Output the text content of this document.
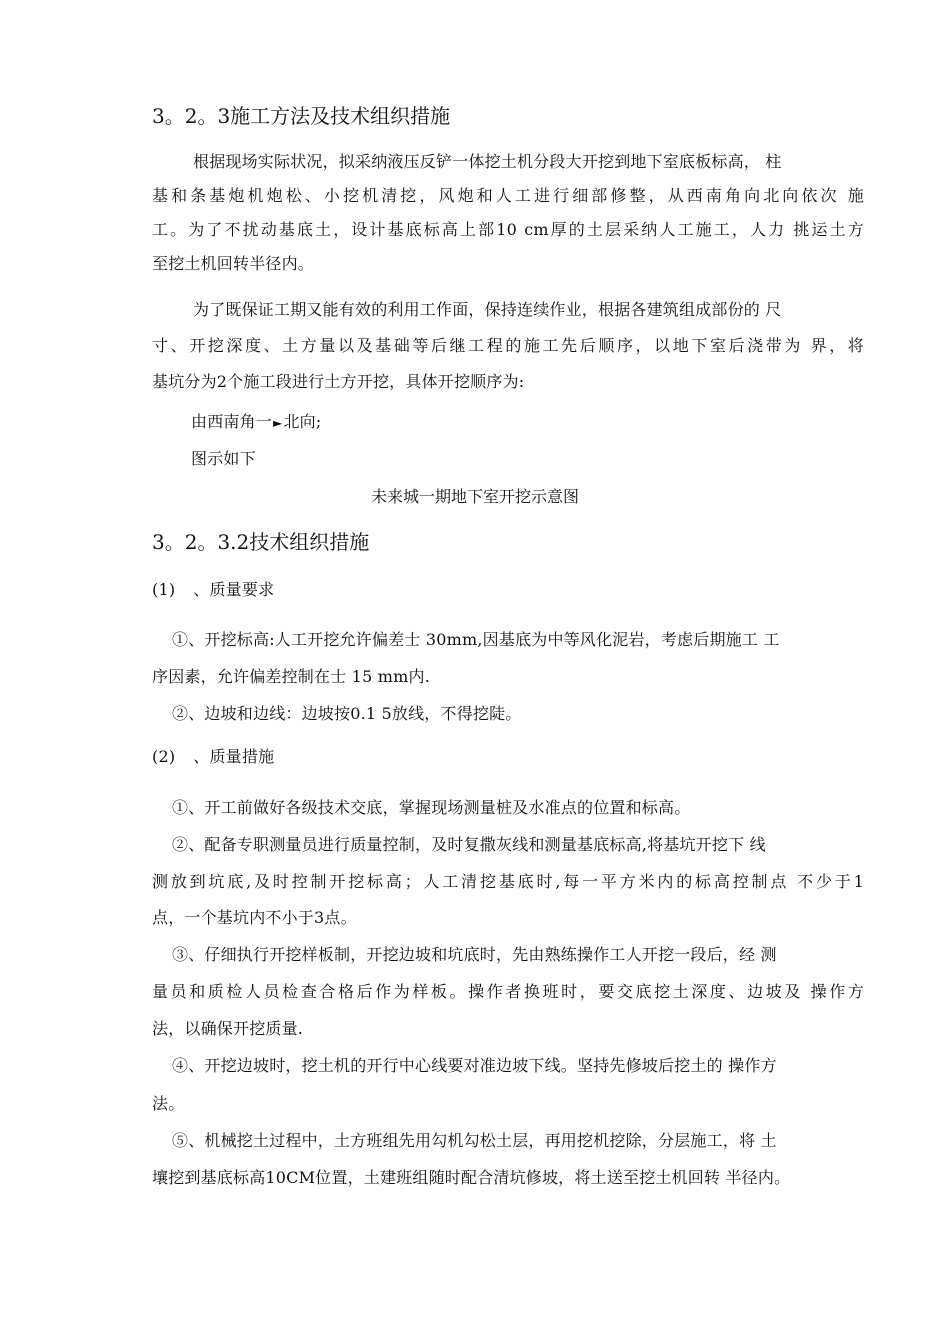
3。2。3施工方法及技术组织措施
根据现场实际状况，拟采纳液压反铲一体挖土机分段大开挖到地下室底板标高， 柱
基和条基炮机炮松、小挖机清挖，风炮和人工进行细部修整，从西南角向北向依次 施
工。为了不扰动基底土，设计基底标高上部10 cm厚的土层采纳人工施工，人力 挑运土方
至挖土机回转半径内。
为了既保证工期又能有效的利用工作面，保持连续作业，根据各建筑组成部份的 尺
寸、开挖深度、土方量以及基础等后继工程的施工先后顺序，以地下室后浇带为 界，将
基坑分为2个施工段进行土方开挖，具体开挖顺序为:
由西南角一►北向;
图示如下
未来城一期地下室开挖示意图
3。2。3.2技术组织措施
(1) 、质量要求
①、开挖标高:人工开挖允许偏差士 30mm,因基底为中等风化泥岩，考虑后期施工 工
序因素，允许偏差控制在士 15 mm内.
②、边坡和边线：边坡按0.1 5放线，不得挖陡。
(2) 、质量措施
①、开工前做好各级技术交底，掌握现场测量桩及水准点的位置和标高。
②、配备专职测量员进行质量控制，及时复撒灰线和测量基底标高,将基坑开挖下 线
测放到坑底,及时控制开挖标高；人工清挖基底时,每一平方米内的标高控制点 不少于1
点，一个基坑内不小于3点。
③、仔细执行开挖样板制，开挖边坡和坑底时，先由熟练操作工人开挖一段后，经 测
量员和质检人员检查合格后作为样板。操作者换班时，要交底挖土深度、边坡及 操作方
法，以确保开挖质量.
④、开挖边坡时，挖土机的开行中心线要对准边坡下线。坚持先修坡后挖土的 操作方
法。
⑤、机械挖土过程中，土方班组先用勾机勾松土层，再用挖机挖除，分层施工，将 土
壤挖到基底标高10CM位置，土建班组随时配合清坑修坡，将土送至挖土机回转 半径内。
